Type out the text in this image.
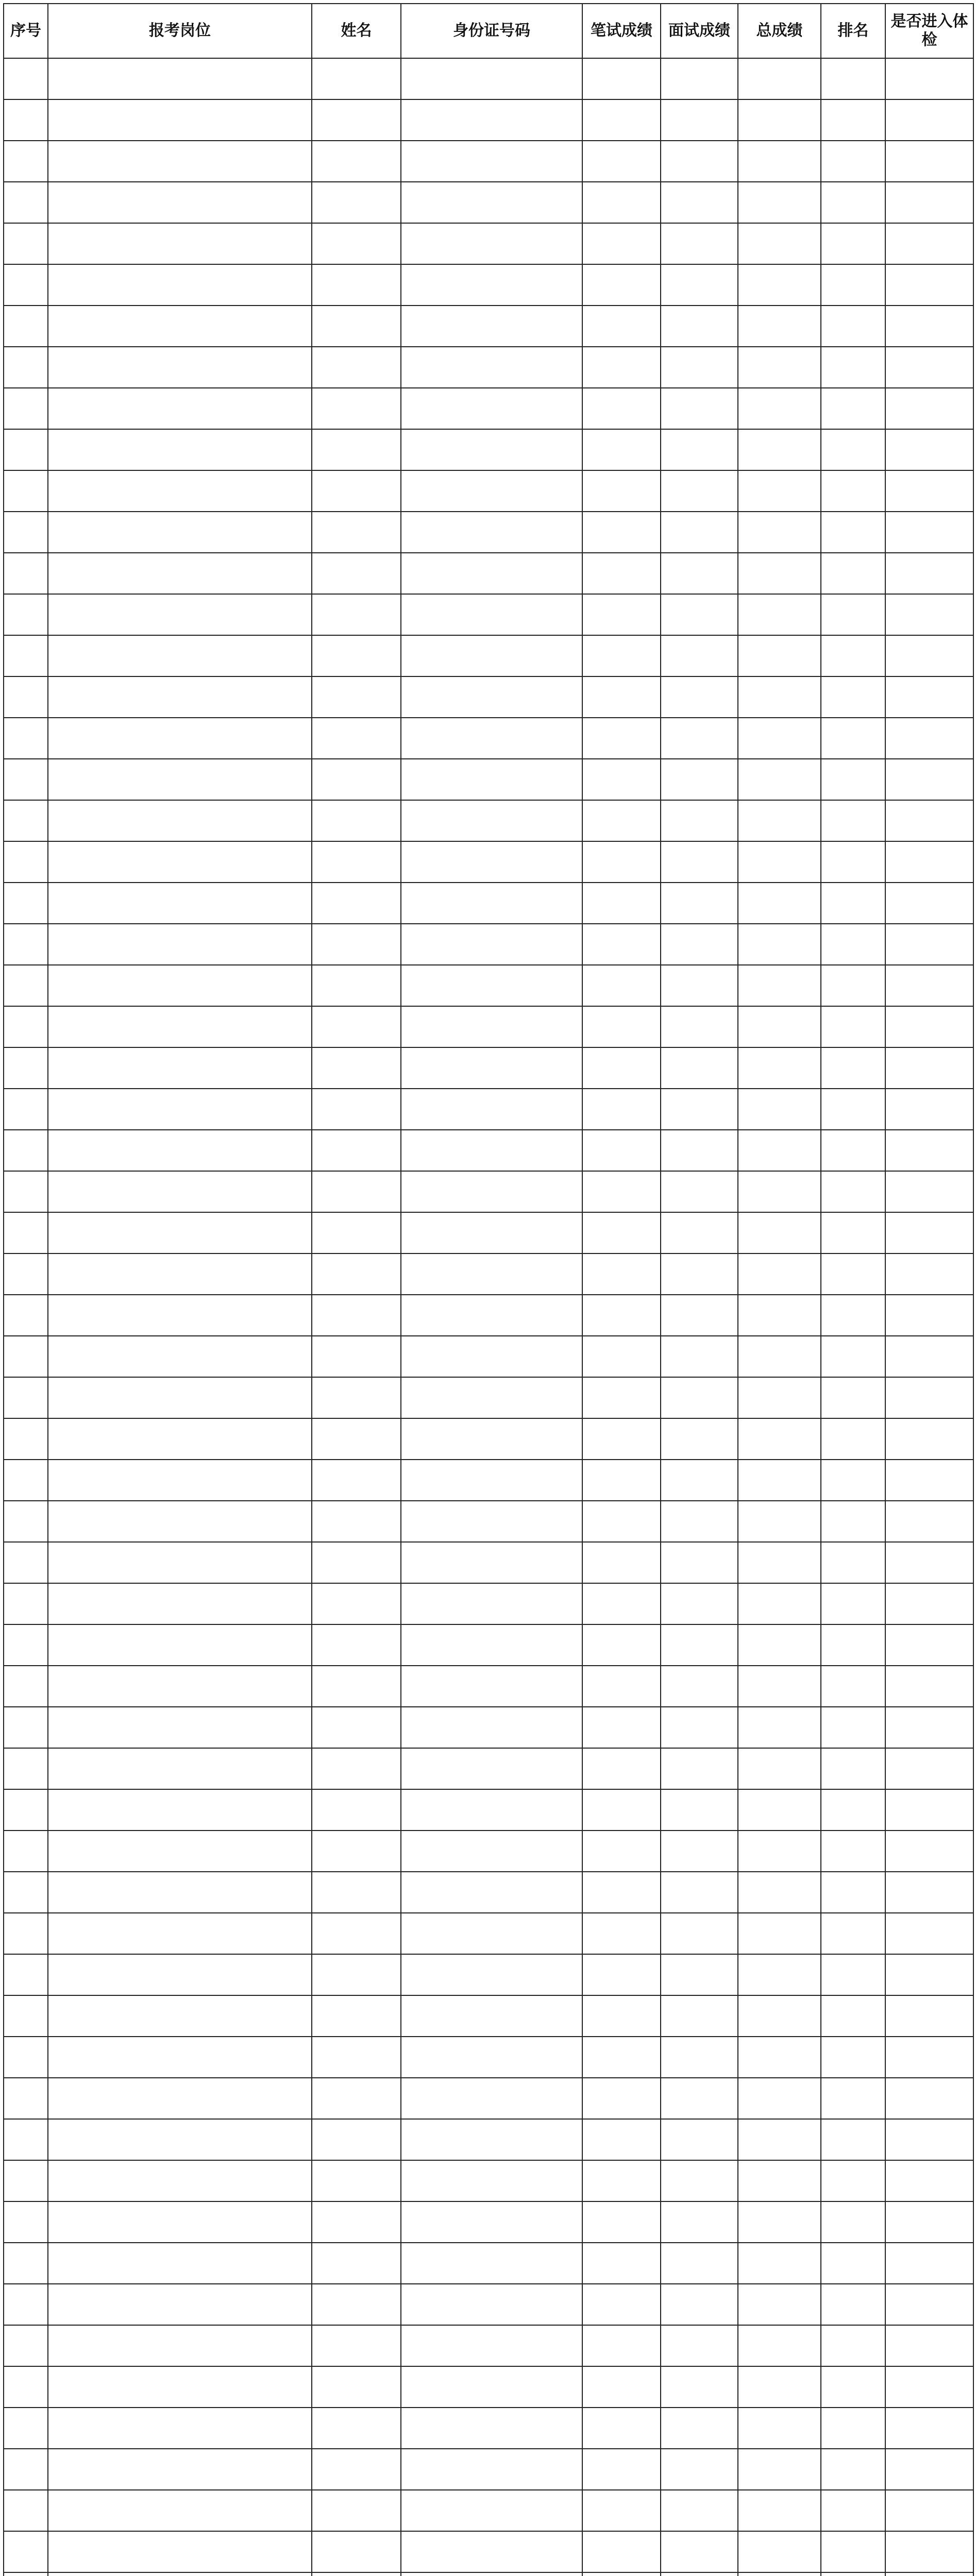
序号	报考岗位	姓名	身份证号码	笔试成绩	面试成绩	总成绩	排名	是否进入体检
